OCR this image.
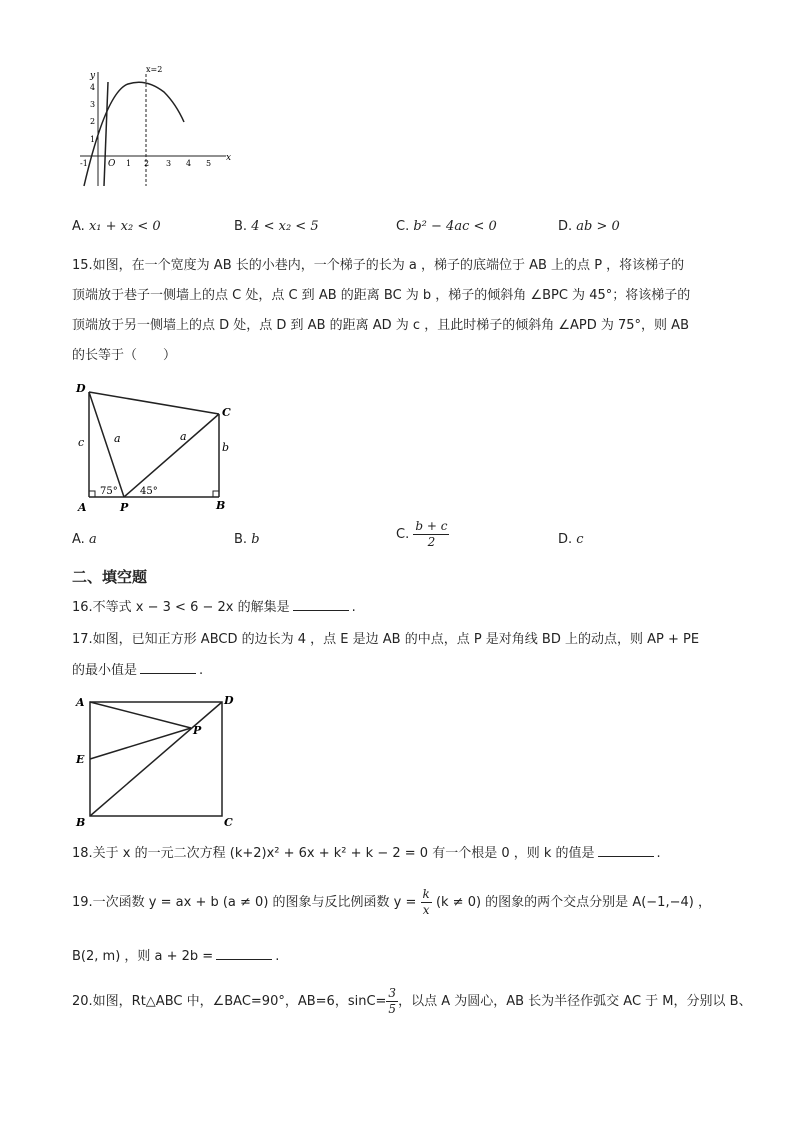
y
x
x=2
O
-1	1 2 3 4 5
1
2
3
4
A. x₁ + x₂ < 0	B. 4 < x₂ < 5	C. b² − 4ac < 0	D. ab > 0
15.如图，在一个宽度为 AB 长的小巷内，一个梯子的长为 a ，梯子的底端位于 AB 上的点 P ，将该梯子的
顶端放于巷子一侧墙上的点 C 处，点 C 到 AB 的距离 BC 为 b ，梯子的倾斜角 ∠BPC 为 45°；将该梯子的
顶端放于另一侧墙上的点 D 处，点 D 到 AB 的距离 AD 为 c ，且此时梯子的倾斜角 ∠APD 为 75°，则 AB
的长等于（　　）
D
C
A	P	B
c	a	a
b
75° 45°
A. a	B. b	C. $\frac{b + c}{2}$	D. c
二、填空题
16.不等式 x − 3 < 6 − 2x 的解集是	.
17.如图，已知正方形 ABCD 的边长为 4 ，点 E 是边 AB 的中点，点 P 是对角线 BD 上的动点，则 AP + PE
的最小值是	.
A	D
E
P
B	C
18.关于 x 的一元二次方程 (k+2)x² + 6x + k² + k − 2 = 0 有一个根是 0 ，则 k 的值是	.
19.一次函数 y = ax + b (a ≠ 0) 的图象与反比例函数 $y = \frac{k}{x} (k \ne 0)$ 的图象的两个交点分别是 A(−1,−4) ，
B(2, m) ，则 a + 2b =	.
20.如图，Rt△ABC 中，∠BAC=90°，AB=6，$\sin C= \frac{3}{5}$ ，以点 A 为圆心，AB 长为半径作弧交 AC 于 M，分别以 B、
